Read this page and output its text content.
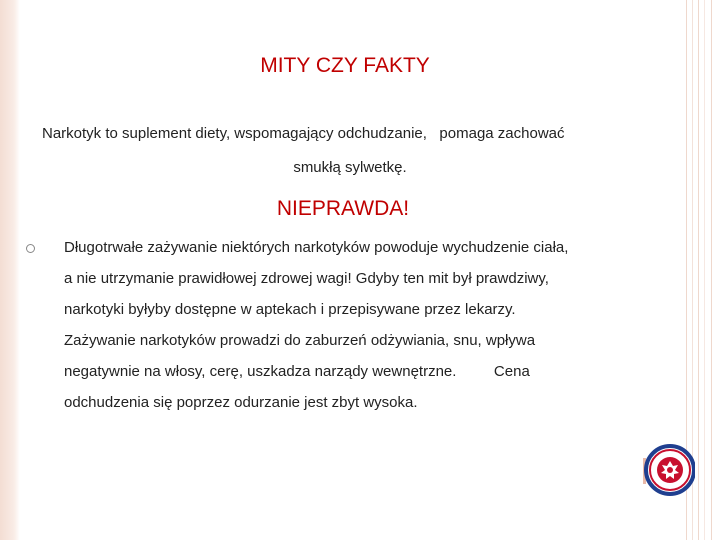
MITY CZY FAKTY
Narkotyk to suplement diety, wspomagający odchudzanie,   pomaga zachować
smukłą sylwetkę.
NIEPRAWDA!
Długotrwałe zażywanie niektórych narkotyków powoduje wychudzenie ciała,
a nie utrzymanie prawidłowej zdrowej wagi! Gdyby ten mit był prawdziwy,
narkotyki byłyby dostępne w aptekach i przepisywane przez lekarzy.
Zażywanie narkotyków prowadzi do zaburzeń odżywiania, snu, wpływa
negatywnie na włosy, cerę, uszkadza narządy wewnętrzne.         Cena
odchudzenia się poprzez odurzanie jest zbyt wysoka.
